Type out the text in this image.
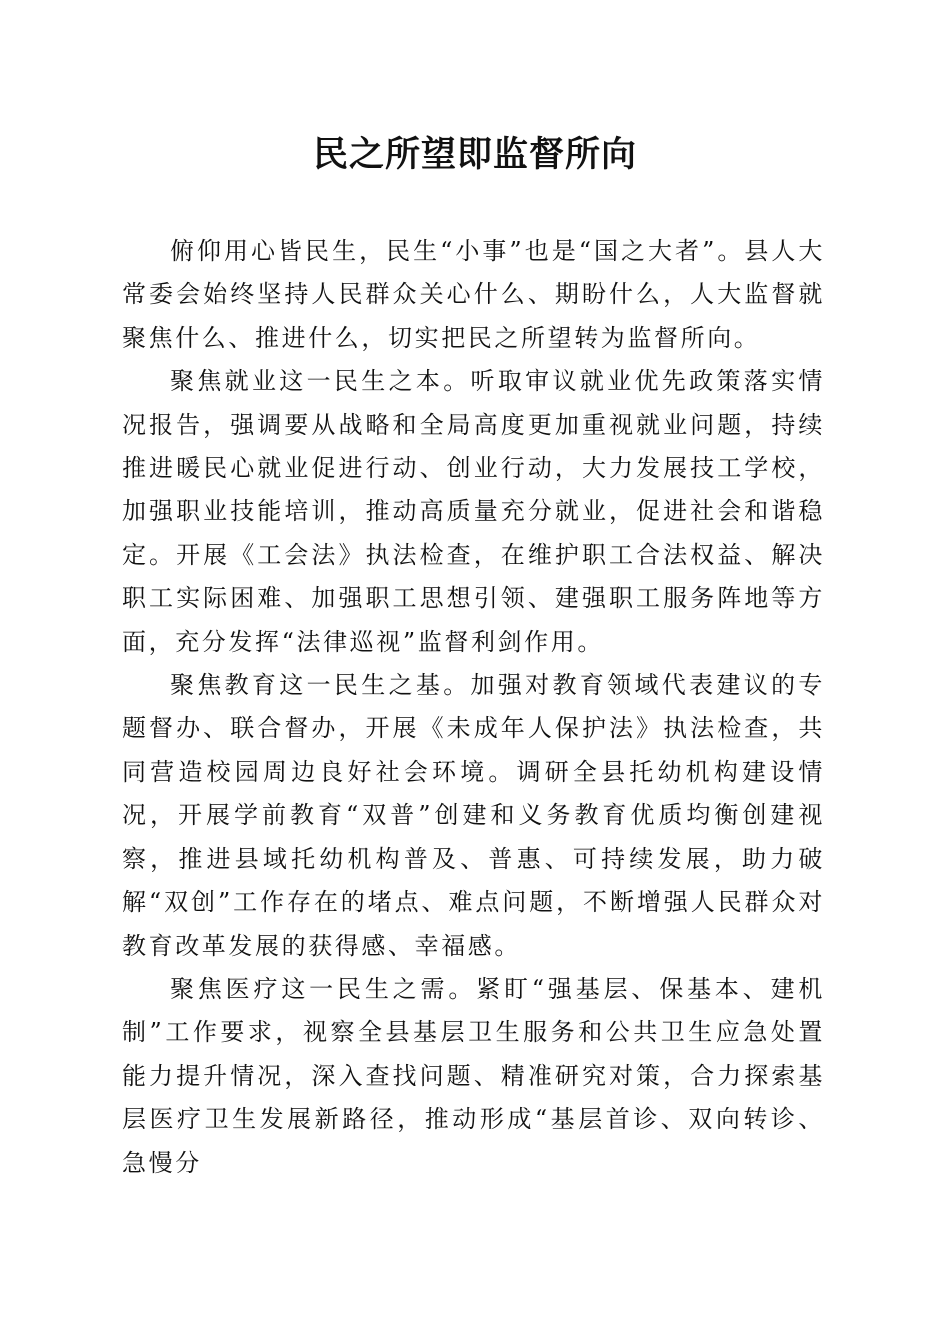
民之所望即监督所向

俯仰用心皆民生，民生“小事”也是“国之大者”。县人大常委会始终坚持人民群众关心什么、期盼什么，人大监督就聚焦什么、推进什么，切实把民之所望转为监督所向。

聚焦就业这一民生之本。听取审议就业优先政策落实情况报告，强调要从战略和全局高度更加重视就业问题，持续推进暖民心就业促进行动、创业行动，大力发展技工学校，加强职业技能培训，推动高质量充分就业，促进社会和谐稳定。开展《工会法》执法检查，在维护职工合法权益、解决职工实际困难、加强职工思想引领、建强职工服务阵地等方面，充分发挥“法律巡视”监督利剑作用。

聚焦教育这一民生之基。加强对教育领域代表建议的专题督办、联合督办，开展《未成年人保护法》执法检查，共同营造校园周边良好社会环境。调研全县托幼机构建设情况，开展学前教育“双普”创建和义务教育优质均衡创建视察，推进县域托幼机构普及、普惠、可持续发展，助力破解“双创”工作存在的堵点、难点问题，不断增强人民群众对教育改革发展的获得感、幸福感。

聚焦医疗这一民生之需。紧盯“强基层、保基本、建机制”工作要求，视察全县基层卫生服务和公共卫生应急处置能力提升情况，深入查找问题、精准研究对策，合力探索基层医疗卫生发展新路径，推动形成“基层首诊、双向转诊、急慢分
